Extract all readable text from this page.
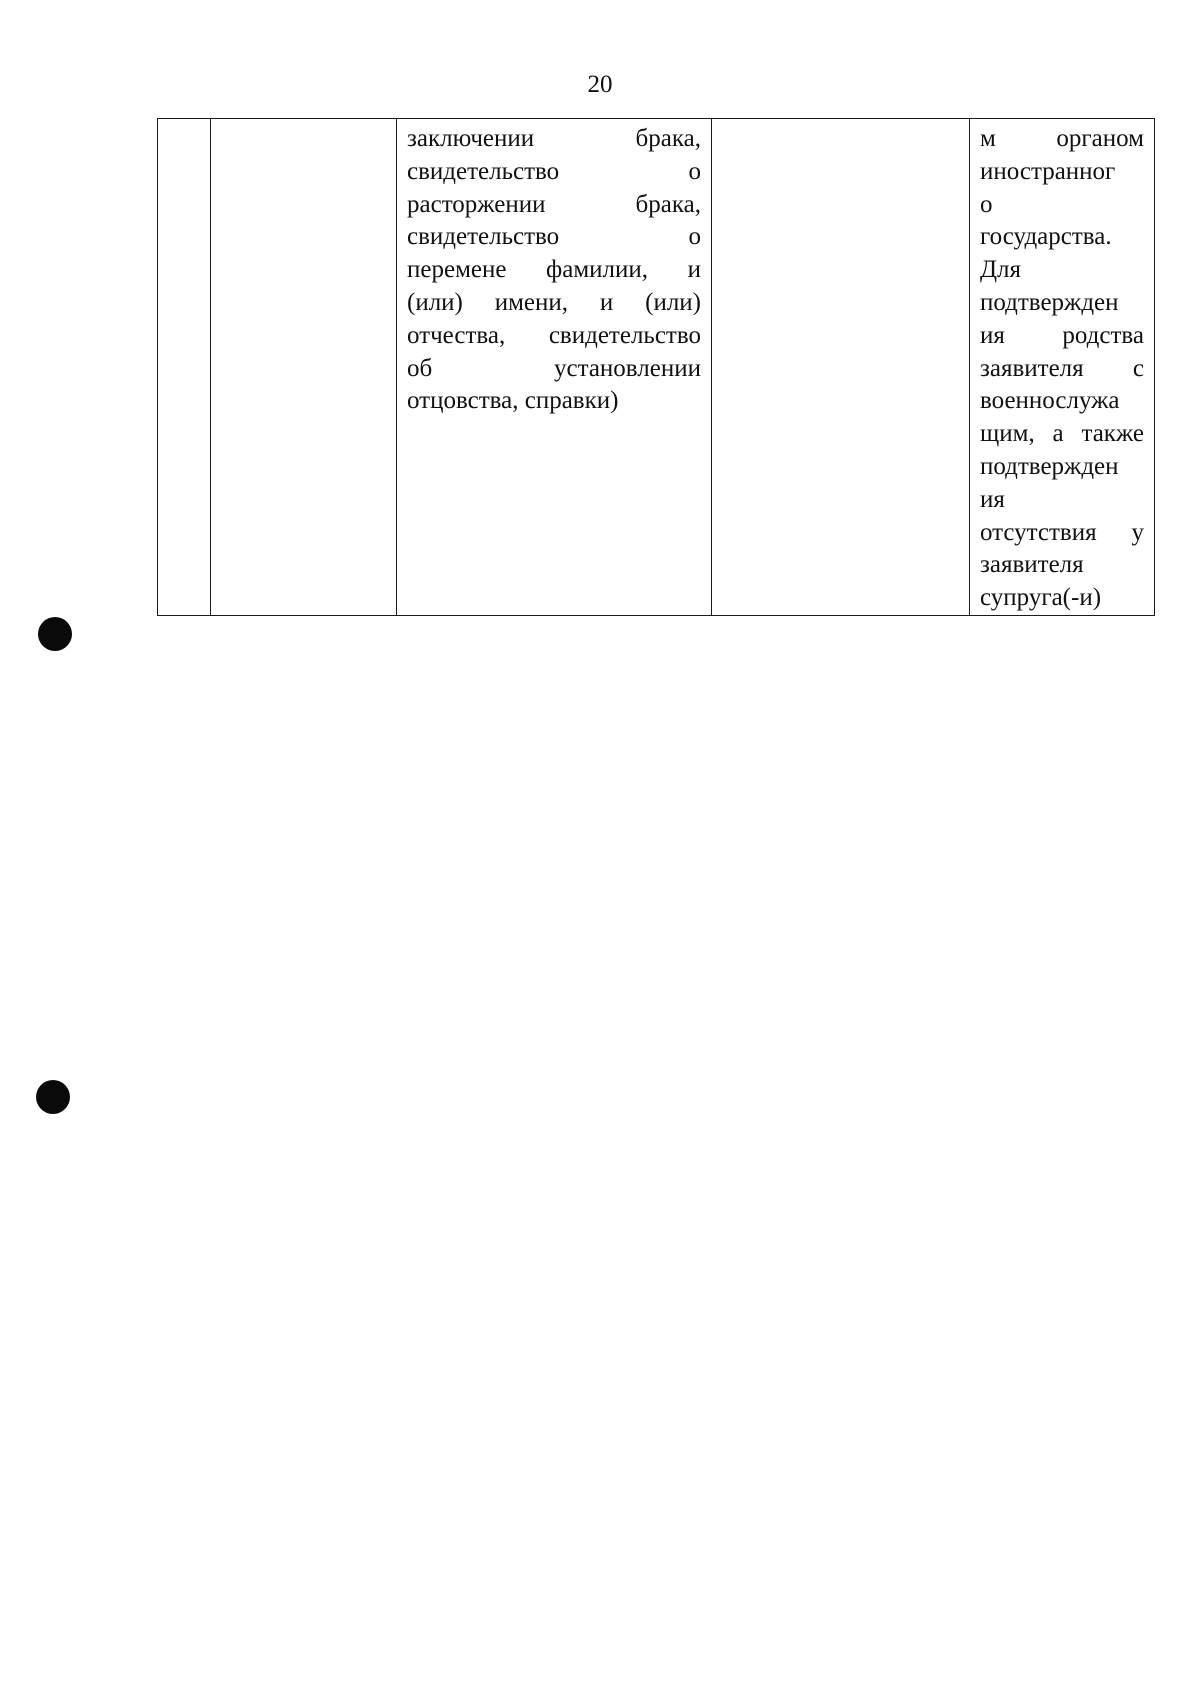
20

заключении брака,
свидетельство о
расторжении брака,
свидетельство о
перемене фамилии, и
(или) имени, и (или)
отчества, свидетельство
об установлении
отцовства, справки)

м органом
иностранног
о
государства.
Для
подтвержден
ия родства
заявителя с
военнослужа
щим, а также
подтвержден
ия
отсутствия у
заявителя
супруга(-и)
